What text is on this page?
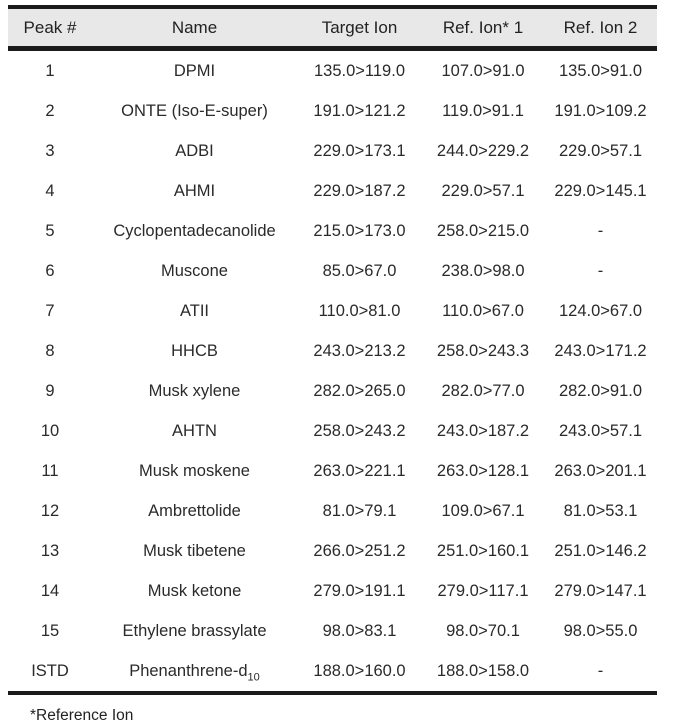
Peak #	Name	Target Ion	Ref. Ion* 1	Ref. Ion 2
1	DPMI	135.0>119.0	107.0>91.0	135.0>91.0
2	ONTE (Iso-E-super)	191.0>121.2	119.0>91.1	191.0>109.2
3	ADBI	229.0>173.1	244.0>229.2	229.0>57.1
4	AHMI	229.0>187.2	229.0>57.1	229.0>145.1
5	Cyclopentadecanolide	215.0>173.0	258.0>215.0	-
6	Muscone	85.0>67.0	238.0>98.0	-
7	ATII	110.0>81.0	110.0>67.0	124.0>67.0
8	HHCB	243.0>213.2	258.0>243.3	243.0>171.2
9	Musk xylene	282.0>265.0	282.0>77.0	282.0>91.0
10	AHTN	258.0>243.2	243.0>187.2	243.0>57.1
11	Musk moskene	263.0>221.1	263.0>128.1	263.0>201.1
12	Ambrettolide	81.0>79.1	109.0>67.1	81.0>53.1
13	Musk tibetene	266.0>251.2	251.0>160.1	251.0>146.2
14	Musk ketone	279.0>191.1	279.0>117.1	279.0>147.1
15	Ethylene brassylate	98.0>83.1	98.0>70.1	98.0>55.0
ISTD	Phenanthrene-$d_{10}$	188.0>160.0	188.0>158.0	-
*Reference Ion
